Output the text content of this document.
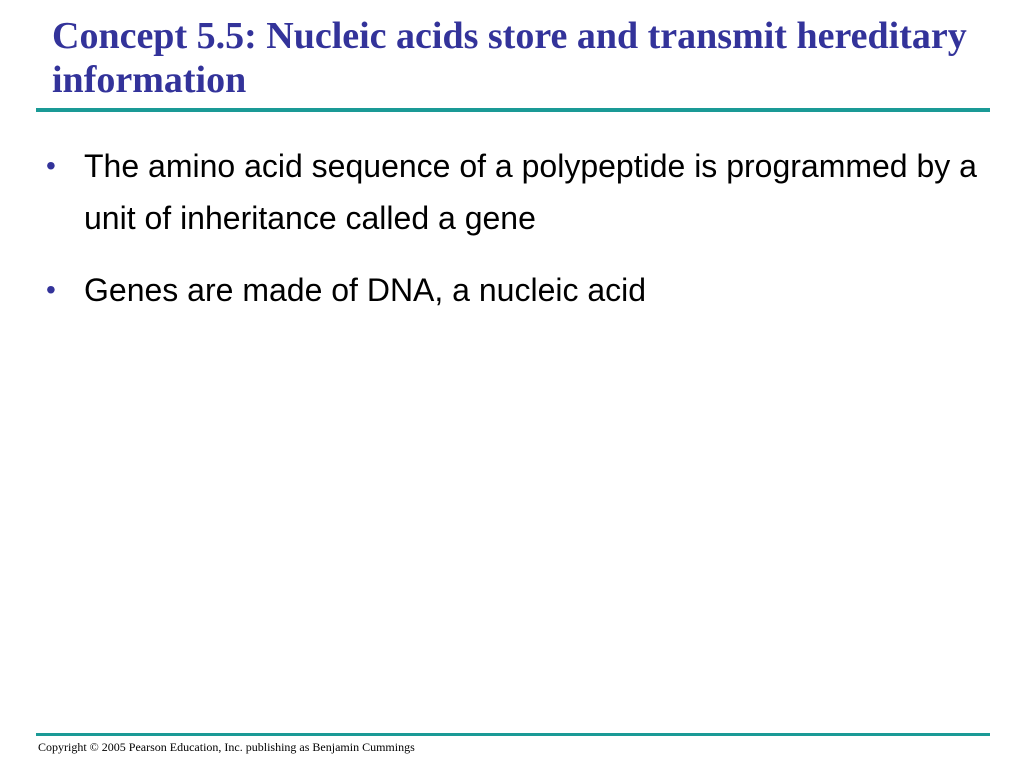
Concept 5.5: Nucleic acids store and transmit hereditary information
• The amino acid sequence of a polypeptide is programmed by a unit of inheritance called a gene
• Genes are made of DNA, a nucleic acid
Copyright © 2005 Pearson Education, Inc. publishing as Benjamin Cummings
